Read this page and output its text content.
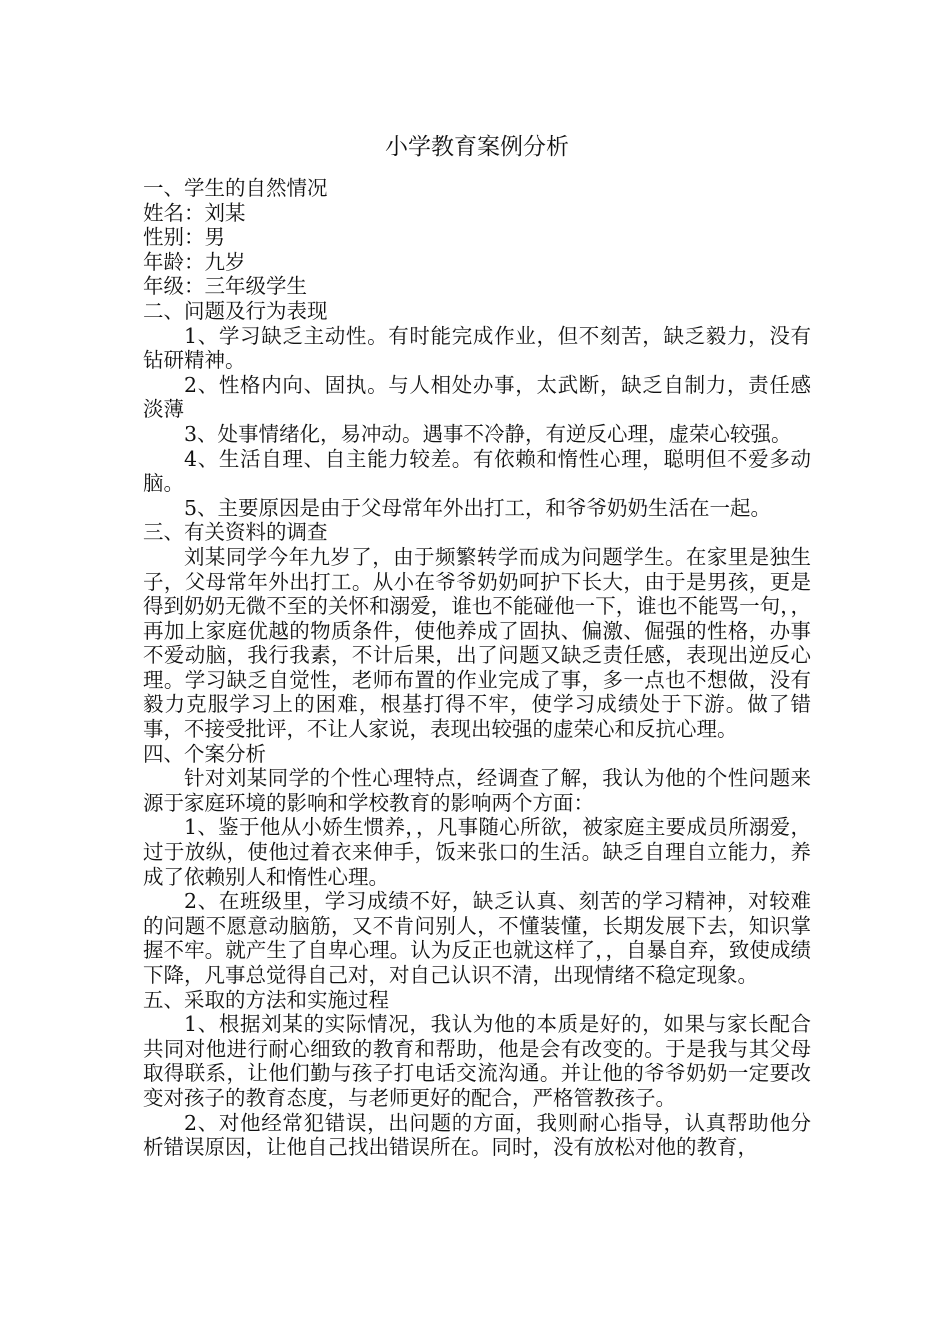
小学教育案例分析

一、学生的自然情况

姓名：刘某

性别：男

年龄：九岁

年级：三年级学生

二、问题及行为表现

1、学习缺乏主动性。有时能完成作业，但不刻苦，缺乏毅力，没有钻研精神。

2、性格内向、固执。与人相处办事，太武断，缺乏自制力，责任感淡薄

3、处事情绪化，易冲动。遇事不冷静，有逆反心理，虚荣心较强。

4、生活自理、自主能力较差。有依赖和惰性心理，聪明但不爱多动脑。

5、主要原因是由于父母常年外出打工，和爷爷奶奶生活在一起。

三、有关资料的调查

刘某同学今年九岁了，由于频繁转学而成为问题学生。在家里是独生子，父母常年外出打工。从小在爷爷奶奶呵护下长大，由于是男孩，更是得到奶奶无微不至的关怀和溺爱，谁也不能碰他一下，谁也不能骂一句，，再加上家庭优越的物质条件，使他养成了固执、偏激、倔强的性格，办事不爱动脑，我行我素，不计后果，出了问题又缺乏责任感，表现出逆反心理。学习缺乏自觉性，老师布置的作业完成了事，多一点也不想做，没有毅力克服学习上的困难，根基打得不牢，使学习成绩处于下游。做了错事，不接受批评，不让人家说，表现出较强的虚荣心和反抗心理。

四、个案分析

针对刘某同学的个性心理特点，经调查了解，我认为他的个性问题来源于家庭环境的影响和学校教育的影响两个方面：

1、鉴于他从小娇生惯养，，凡事随心所欲，被家庭主要成员所溺爱，过于放纵，使他过着衣来伸手，饭来张口的生活。缺乏自理自立能力，养成了依赖别人和惰性心理。

2、在班级里，学习成绩不好，缺乏认真、刻苦的学习精神，对较难的问题不愿意动脑筋，又不肯问别人，不懂装懂，长期发展下去，知识掌握不牢。就产生了自卑心理。认为反正也就这样了，，自暴自弃，致使成绩下降，凡事总觉得自己对，对自己认识不清，出现情绪不稳定现象。

五、采取的方法和实施过程

1、根据刘某的实际情况，我认为他的本质是好的，如果与家长配合共同对他进行耐心细致的教育和帮助，他是会有改变的。于是我与其父母取得联系，让他们勤与孩子打电话交流沟通。并让他的爷爷奶奶一定要改变对孩子的教育态度，与老师更好的配合，严格管教孩子。

2、对他经常犯错误，出问题的方面，我则耐心指导，认真帮助他分析错误原因，让他自己找出错误所在。同时，没有放松对他的教育，
